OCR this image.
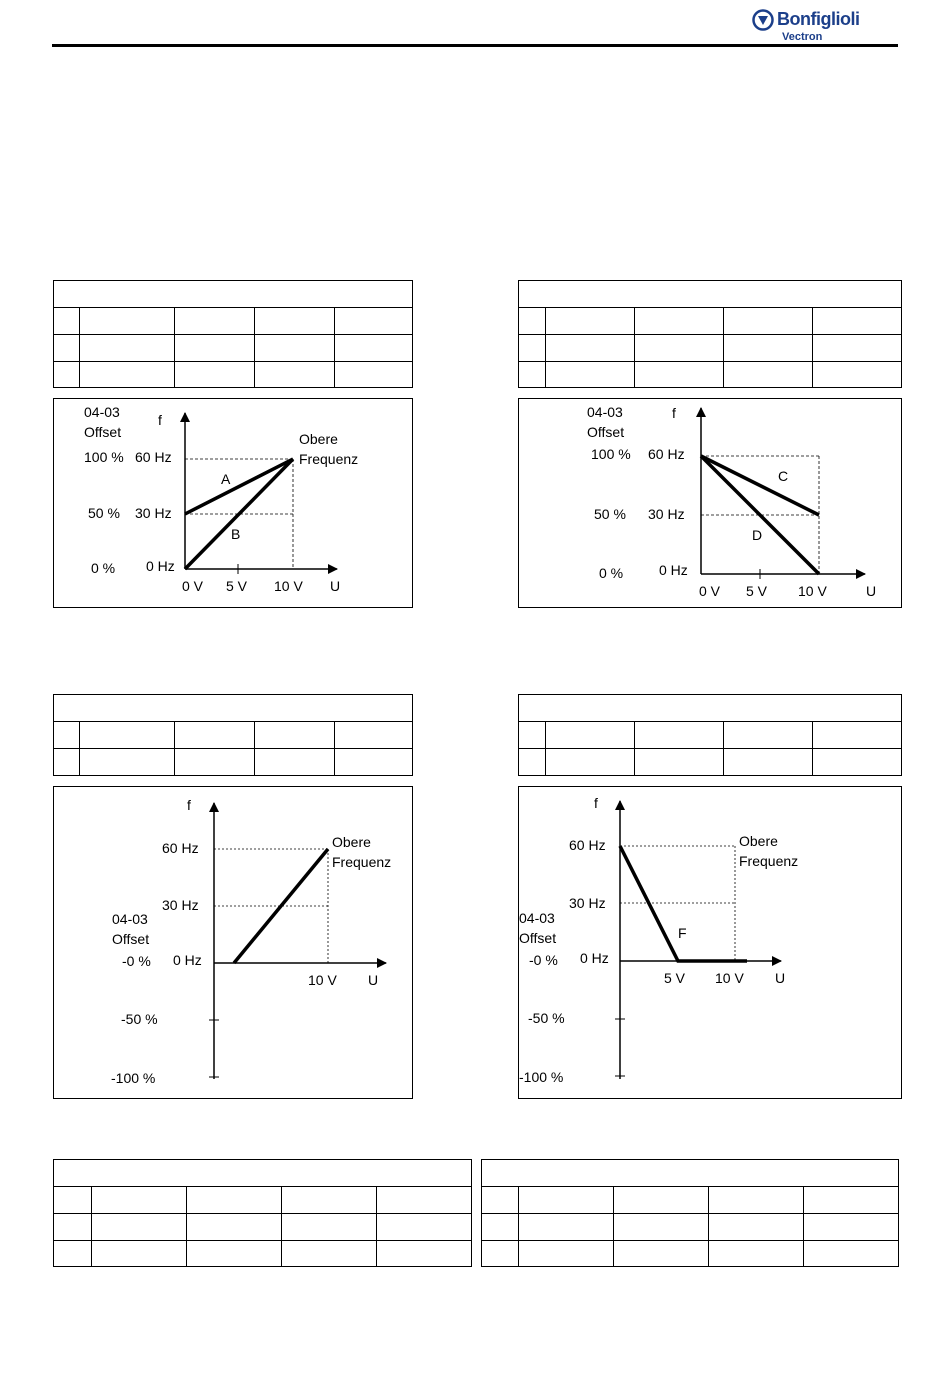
Bonfiglioli
Vectron
04-03
Offset
f
100 %
50 %
0 %
60 Hz
30 Hz
0 Hz
0 V 5 V 10 V U
Obere
Frequenz
A
B
04-03
Offset
f
100 %
50 %
0 %
60 Hz
30 Hz
0 Hz
0 V 5 V 10 V	U
C
D
f
60 Hz
30 Hz
0 Hz
Obere
Frequenz
04-03
Offset
-0 %
-50 %
-100 %
10 V U
f
60 Hz
30 Hz
0 Hz
Obere
Frequenz
04-03
Offset
-0 %
-50 %
-100 %
F
5 V 10 V U
